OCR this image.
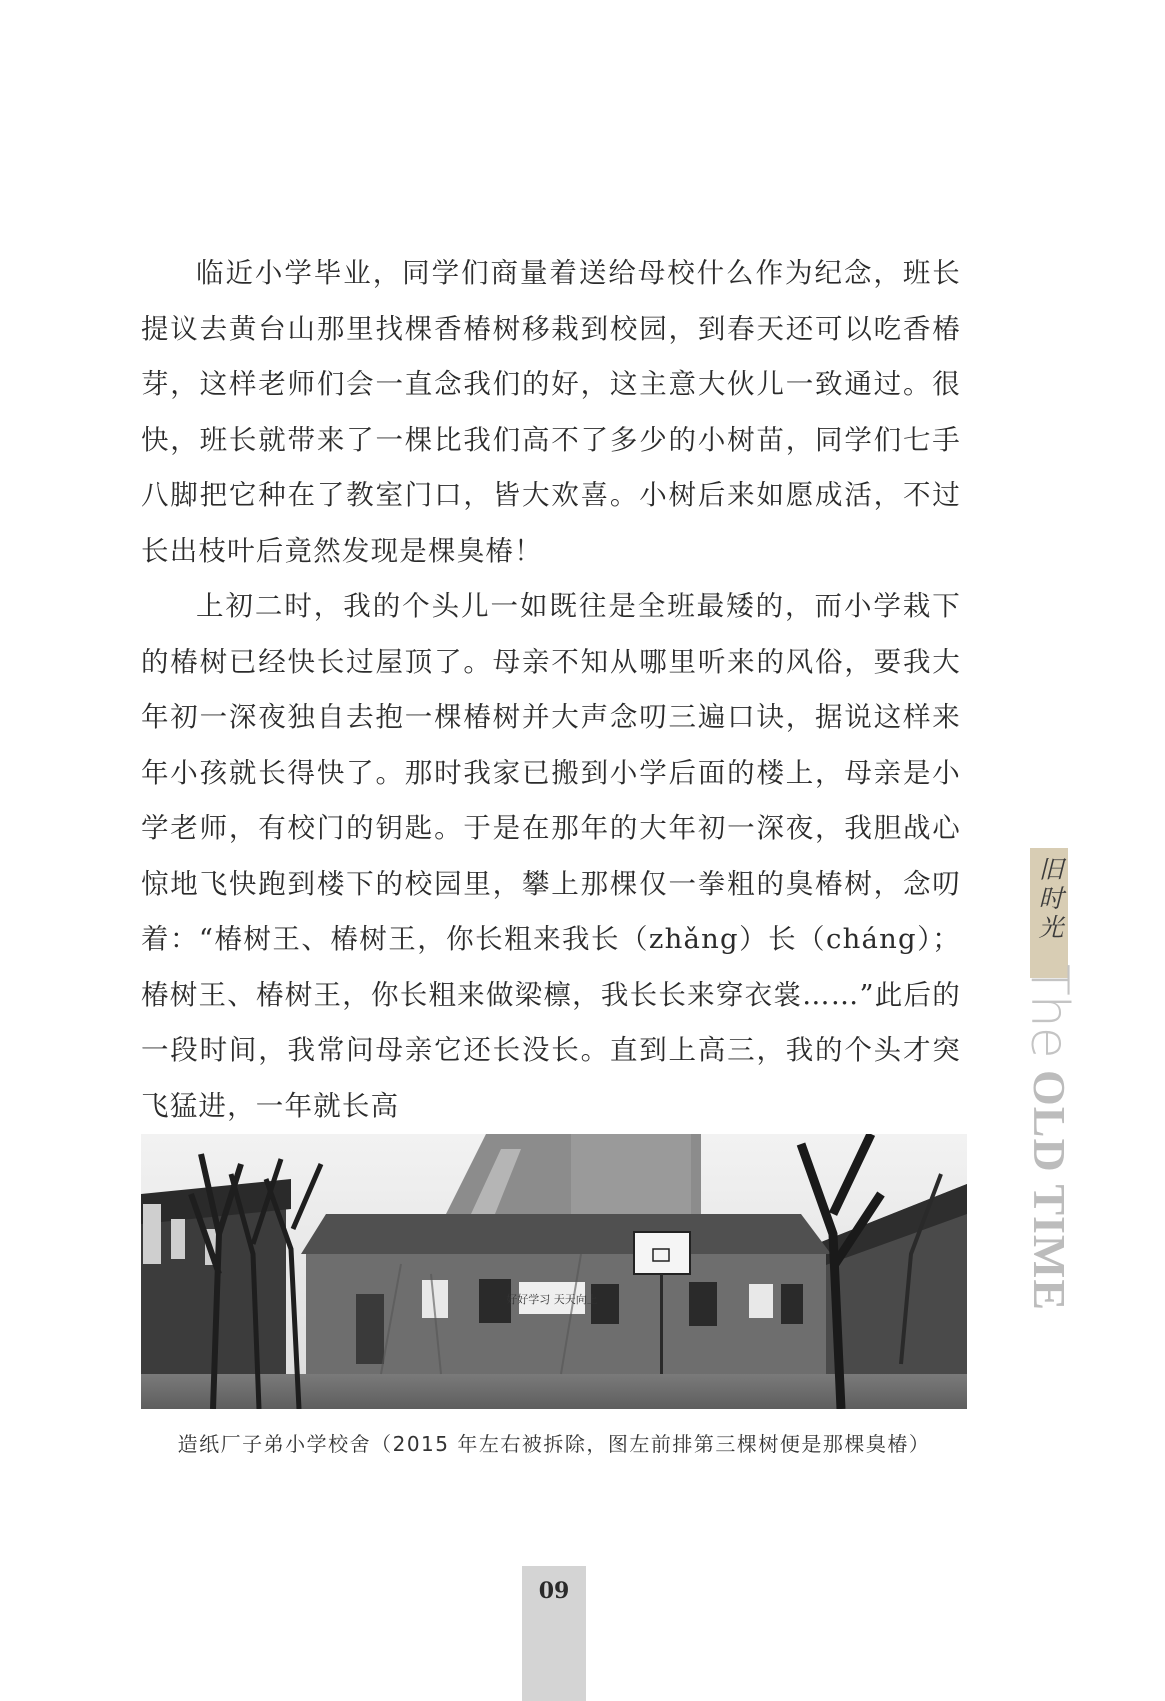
临近小学毕业，同学们商量着送给母校什么作为纪念，班长提议去黄台山那里找棵香椿树移栽到校园，到春天还可以吃香椿芽，这样老师们会一直念我们的好，这主意大伙儿一致通过。很快，班长就带来了一棵比我们高不了多少的小树苗，同学们七手八脚把它种在了教室门口，皆大欢喜。小树后来如愿成活，不过长出枝叶后竟然发现是棵臭椿！

上初二时，我的个头儿一如既往是全班最矮的，而小学栽下的椿树已经快长过屋顶了。母亲不知从哪里听来的风俗，要我大年初一深夜独自去抱一棵椿树并大声念叨三遍口诀，据说这样来年小孩就长得快了。那时我家已搬到小学后面的楼上，母亲是小学老师，有校门的钥匙。于是在那年的大年初一深夜，我胆战心惊地飞快跑到楼下的校园里，攀上那棵仅一拳粗的臭椿树，念叨着：“椿树王、椿树王，你长粗来我长（zhǎng）长（cháng）；椿树王、椿树王，你长粗来做梁檩，我长长来穿衣裳……”此后的一段时间，我常问母亲它还长没长。直到上高三，我的个头才突飞猛进，一年就长高

好好学习 天天向上
造纸厂子弟小学校舍（2015 年左右被拆除，图左前排第三棵树便是那棵臭椿）
旧时光
TheOLD TIME
09
